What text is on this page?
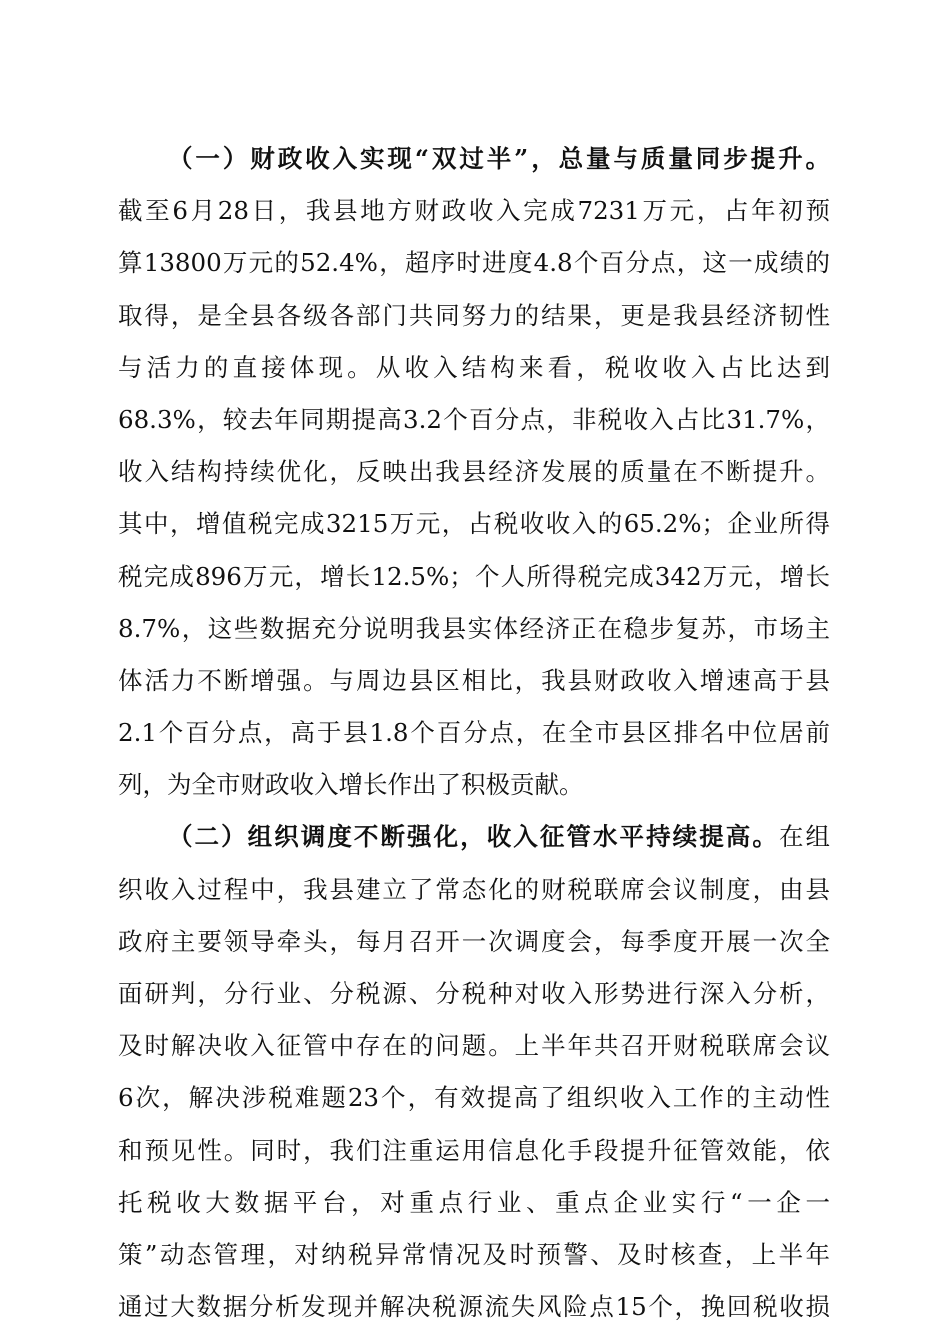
（一）财政收入实现“双过半”，总量与质量同步提升。
截至6月28日，我县地方财政收入完成7231万元，占年初预
算13800万元的52.4%，超序时进度4.8个百分点，这一成绩的
取得，是全县各级各部门共同努力的结果，更是我县经济韧性
与活力的直接体现。从收入结构来看，税收收入占比达到
68.3%，较去年同期提高3.2个百分点，非税收入占比31.7%，
收入结构持续优化，反映出我县经济发展的质量在不断提升。
其中，增值税完成3215万元，占税收收入的65.2%；企业所得
税完成896万元，增长12.5%；个人所得税完成342万元，增长
8.7%，这些数据充分说明我县实体经济正在稳步复苏，市场主
体活力不断增强。与周边县区相比，我县财政收入增速高于县
2.1个百分点，高于县1.8个百分点，在全市县区排名中位居前
列，为全市财政收入增长作出了积极贡献。
（二）组织调度不断强化，收入征管水平持续提高。在组
织收入过程中，我县建立了常态化的财税联席会议制度，由县
政府主要领导牵头，每月召开一次调度会，每季度开展一次全
面研判，分行业、分税源、分税种对收入形势进行深入分析，
及时解决收入征管中存在的问题。上半年共召开财税联席会议
6次，解决涉税难题23个，有效提高了组织收入工作的主动性
和预见性。同时，我们注重运用信息化手段提升征管效能，依
托税收大数据平台，对重点行业、重点企业实行“一企一
策”动态管理，对纳税异常情况及时预警、及时核查，上半年
通过大数据分析发现并解决税源流失风险点15个，挽回税收损
